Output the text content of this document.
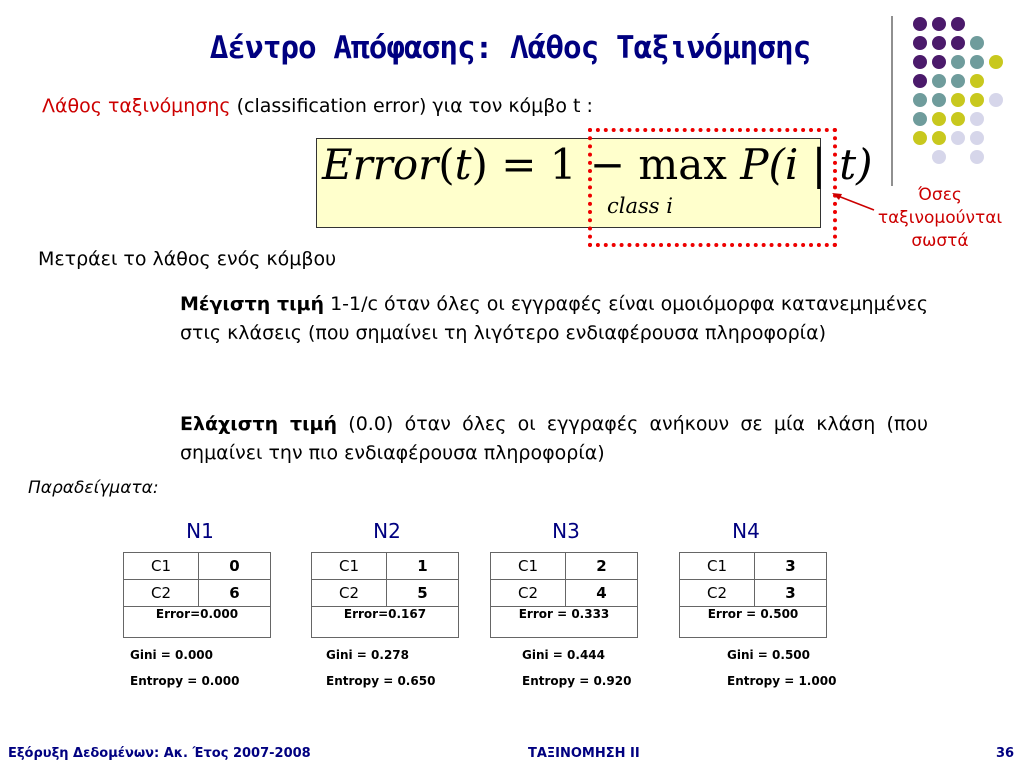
Δέντρο Απόφασης: Λάθος Ταξινόμησης
Λάθος ταξινόμησης (classification error) για τον κόμβο t :
Error(t) = 1 − max P(i | t)
class i	Όσες
ταξινομούνται
σωστά
Μετράει το λάθος ενός κόμβου
Μέγιστη τιμή 1-1/c όταν όλες οι εγγραφές είναι ομοιόμορφα κατανεμημένες στις κλάσεις (που σημαίνει τη λιγότερο ενδιαφέρουσα πληροφορία)
Ελάχιστη τιμή (0.0) όταν όλες οι εγγραφές ανήκουν σε μία κλάση (που σημαίνει την πιο ενδιαφέρουσα πληροφορία)
Παραδείγματα:
N1
C1	0
C2	6
Error=0.000
Gini = 0.000
Entropy = 0.000
N2
C1	1
C2	5
Error=0.167
Gini = 0.278
Entropy = 0.650
N3
C1	2
C2	4
Error = 0.333
Gini = 0.444
Entropy = 0.920
N4
C1	3
C2	3
Error = 0.500
Gini = 0.500
Entropy = 1.000
Εξόρυξη Δεδομένων: Ακ. Έτος 2007-2008	ΤΑΞΙΝΟΜΗΣΗ ΙΙ	36
